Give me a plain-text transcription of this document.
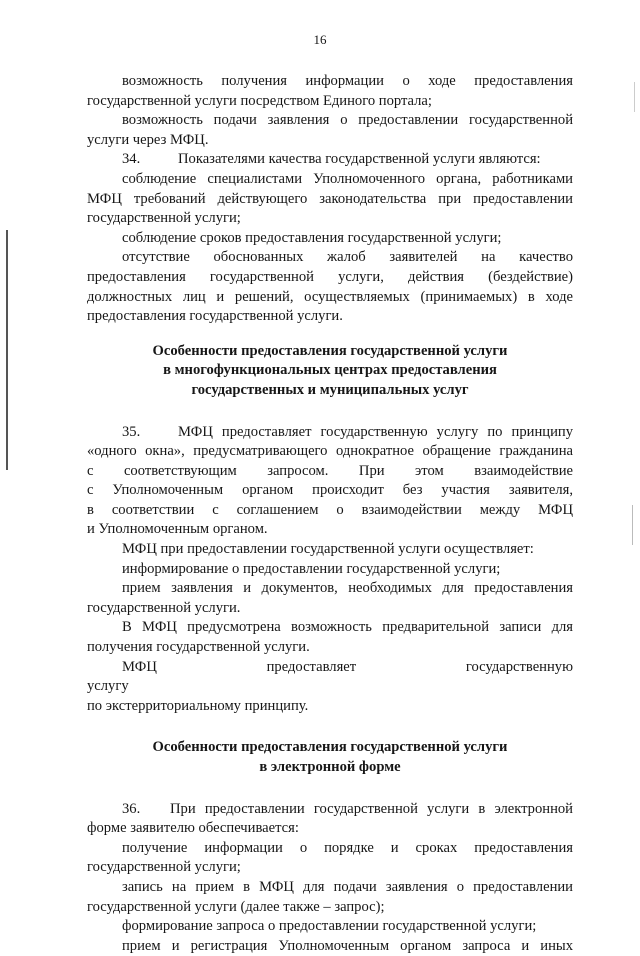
16

возможность получения информации о ходе предоставления государственной услуги посредством Единого портала;

возможность подачи заявления о предоставлении государственной услуги через МФЦ.

34.	Показателями качества государственной услуги являются:

соблюдение специалистами Уполномоченного органа, работниками МФЦ требований действующего законодательства при предоставлении государственной услуги;

соблюдение сроков предоставления государственной услуги;

отсутствие обоснованных жалоб заявителей на качество предоставления государственной услуги, действия (бездействие) должностных лиц и решений, осуществляемых (принимаемых) в ходе предоставления государственной услуги.

Особенности предоставления государственной услуги

в многофункциональных центрах предоставления

государственных и муниципальных услуг

35.	МФЦ предоставляет государственную услугу по принципу

«одного окна», предусматривающего однократное обращение гражданина

с соответствующим запросом. При этом взаимодействие

с Уполномоченным органом происходит без участия заявителя,

в соответствии с соглашением о взаимодействии между МФЦ

и Уполномоченным органом.

МФЦ при предоставлении государственной услуги осуществляет:

информирование о предоставлении государственной услуги;

прием заявления и документов, необходимых для предоставления государственной услуги.

В МФЦ предусмотрена возможность предварительной записи для получения государственной услуги.

МФЦ предоставляет государственную услугу

по экстерриториальному принципу.

Особенности предоставления государственной услуги

в электронной форме

36. При предоставлении государственной услуги в электронной форме заявителю обеспечивается:

получение информации о порядке и сроках предоставления государственной услуги;

запись на прием в МФЦ для подачи заявления о предоставлении государственной услуги (далее также – запрос);

формирование запроса о предоставлении государственной услуги;

прием и регистрация Уполномоченным органом запроса и иных
